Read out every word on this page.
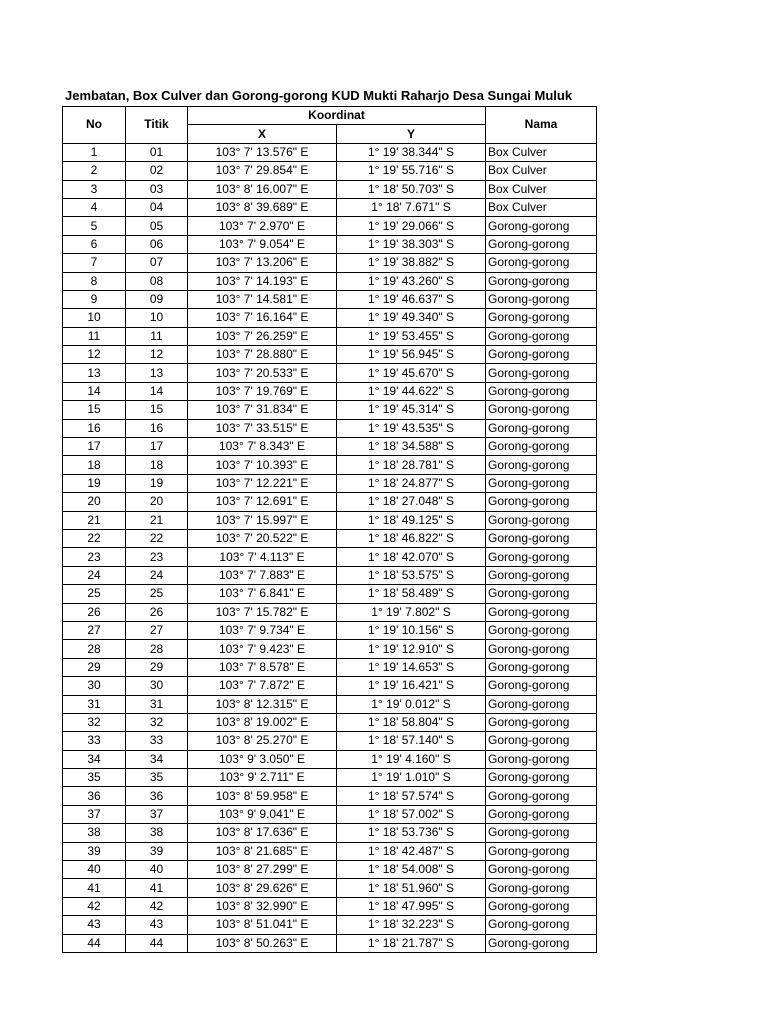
Jembatan, Box Culver dan Gorong-gorong KUD Mukti Raharjo Desa Sungai Muluk
No	Titik	Koordinat		Nama
		X	Y	
1	01	103° 7' 13.576" E	1° 19' 38.344" S	Box Culver
2	02	103° 7' 29.854" E	1° 19' 55.716" S	Box Culver
3	03	103° 8' 16.007" E	1° 18' 50.703" S	Box Culver
4	04	103° 8' 39.689" E	1° 18' 7.671" S	Box Culver
5	05	103° 7' 2.970" E	1° 19' 29.066" S	Gorong-gorong
6	06	103° 7' 9.054" E	1° 19' 38.303" S	Gorong-gorong
7	07	103° 7' 13.206" E	1° 19' 38.882" S	Gorong-gorong
8	08	103° 7' 14.193" E	1° 19' 43.260" S	Gorong-gorong
9	09	103° 7' 14.581" E	1° 19' 46.637" S	Gorong-gorong
10	10	103° 7' 16.164" E	1° 19' 49.340" S	Gorong-gorong
11	11	103° 7' 26.259" E	1° 19' 53.455" S	Gorong-gorong
12	12	103° 7' 28.880" E	1° 19' 56.945" S	Gorong-gorong
13	13	103° 7' 20.533" E	1° 19' 45.670" S	Gorong-gorong
14	14	103° 7' 19.769" E	1° 19' 44.622" S	Gorong-gorong
15	15	103° 7' 31.834" E	1° 19' 45.314" S	Gorong-gorong
16	16	103° 7' 33.515" E	1° 19' 43.535" S	Gorong-gorong
17	17	103° 7' 8.343" E	1° 18' 34.588" S	Gorong-gorong
18	18	103° 7' 10.393" E	1° 18' 28.781" S	Gorong-gorong
19	19	103° 7' 12.221" E	1° 18' 24.877" S	Gorong-gorong
20	20	103° 7' 12.691" E	1° 18' 27.048" S	Gorong-gorong
21	21	103° 7' 15.997" E	1° 18' 49.125" S	Gorong-gorong
22	22	103° 7' 20.522" E	1° 18' 46.822" S	Gorong-gorong
23	23	103° 7' 4.113" E	1° 18' 42.070" S	Gorong-gorong
24	24	103° 7' 7.883" E	1° 18' 53.575" S	Gorong-gorong
25	25	103° 7' 6.841" E	1° 18' 58.489" S	Gorong-gorong
26	26	103° 7' 15.782" E	1° 19' 7.802" S	Gorong-gorong
27	27	103° 7' 9.734" E	1° 19' 10.156" S	Gorong-gorong
28	28	103° 7' 9.423" E	1° 19' 12.910" S	Gorong-gorong
29	29	103° 7' 8.578" E	1° 19' 14.653" S	Gorong-gorong
30	30	103° 7' 7.872" E	1° 19' 16.421" S	Gorong-gorong
31	31	103° 8' 12.315" E	1° 19' 0.012" S	Gorong-gorong
32	32	103° 8' 19.002" E	1° 18' 58.804" S	Gorong-gorong
33	33	103° 8' 25.270" E	1° 18' 57.140" S	Gorong-gorong
34	34	103° 9' 3.050" E	1° 19' 4.160" S	Gorong-gorong
35	35	103° 9' 2.711" E	1° 19' 1.010" S	Gorong-gorong
36	36	103° 8' 59.958" E	1° 18' 57.574" S	Gorong-gorong
37	37	103° 9' 9.041" E	1° 18' 57.002" S	Gorong-gorong
38	38	103° 8' 17.636" E	1° 18' 53.736" S	Gorong-gorong
39	39	103° 8' 21.685" E	1° 18' 42.487" S	Gorong-gorong
40	40	103° 8' 27.299" E	1° 18' 54.008" S	Gorong-gorong
41	41	103° 8' 29.626" E	1° 18' 51.960" S	Gorong-gorong
42	42	103° 8' 32.990" E	1° 18' 47.995" S	Gorong-gorong
43	43	103° 8' 51.041" E	1° 18' 32.223" S	Gorong-gorong
44	44	103° 8' 50.263" E	1° 18' 21.787" S	Gorong-gorong
